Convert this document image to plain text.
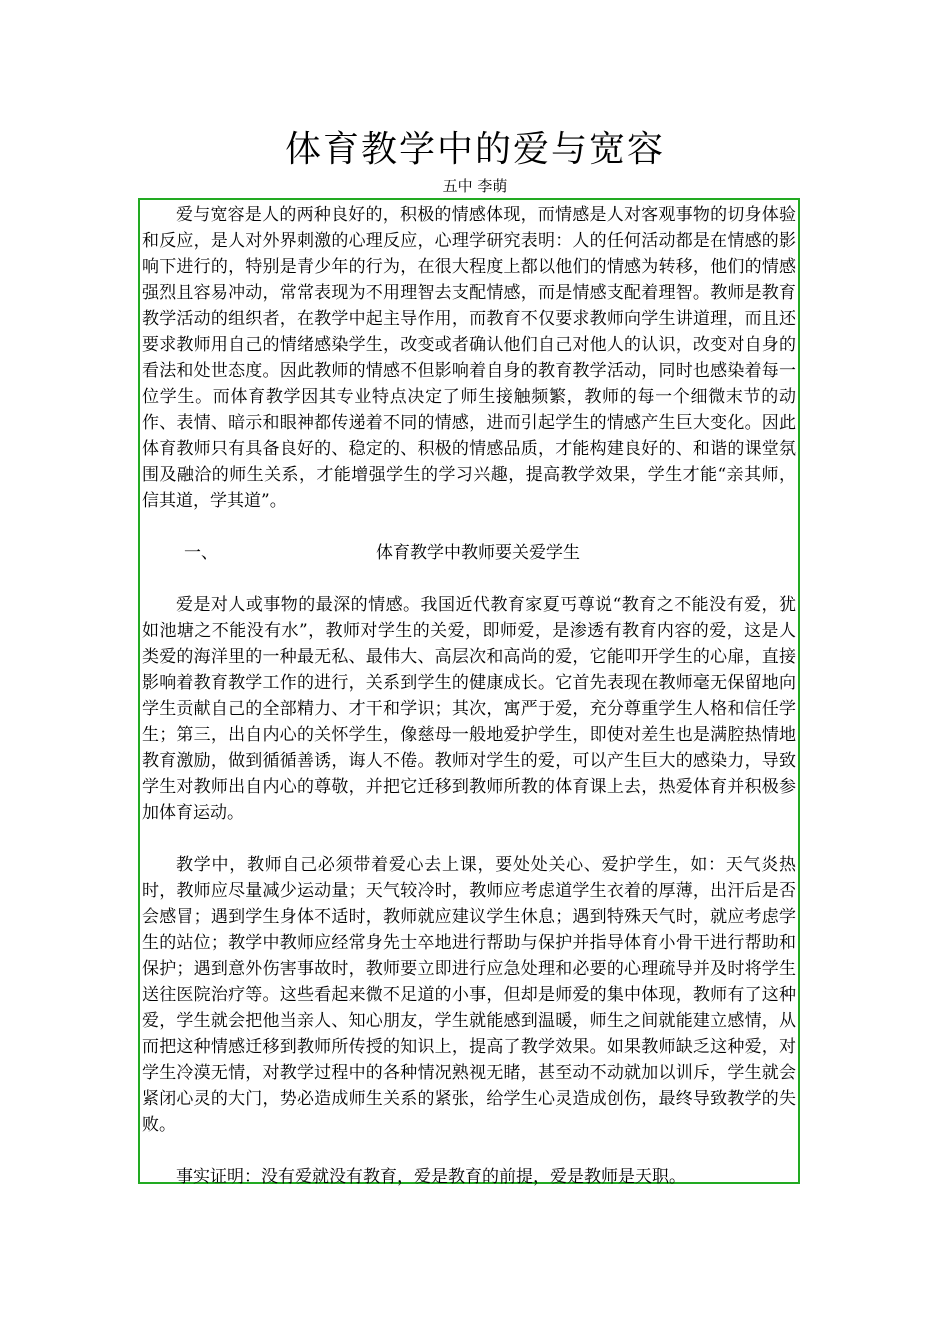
体育教学中的爱与宽容
五中 李萌

爱与宽容是人的两种良好的，积极的情感体现，而情感是人对客观事物的切身体验和反应，是人对外界刺激的心理反应，心理学研究表明：人的任何活动都是在情感的影响下进行的，特别是青少年的行为，在很大程度上都以他们的情感为转移，他们的情感强烈且容易冲动，常常表现为不用理智去支配情感，而是情感支配着理智。教师是教育教学活动的组织者，在教学中起主导作用，而教育不仅要求教师向学生讲道理，而且还要求教师用自己的情绪感染学生，改变或者确认他们自己对他人的认识，改变对自身的看法和处世态度。因此教师的情感不但影响着自身的教育教学活动，同时也感染着每一位学生。而体育教学因其专业特点决定了师生接触频繁，教师的每一个细微末节的动作、表情、暗示和眼神都传递着不同的情感，进而引起学生的情感产生巨大变化。因此体育教师只有具备良好的、稳定的、积极的情感品质，才能构建良好的、和谐的课堂氛围及融洽的师生关系，才能增强学生的学习兴趣，提高教学效果，学生才能“亲其师，信其道，学其道”。

一、	体育教学中教师要关爱学生

爱是对人或事物的最深的情感。我国近代教育家夏丐尊说“教育之不能没有爱，犹如池塘之不能没有水”，教师对学生的关爱，即师爱，是渗透有教育内容的爱，这是人类爱的海洋里的一种最无私、最伟大、高层次和高尚的爱，它能叩开学生的心扉，直接影响着教育教学工作的进行，关系到学生的健康成长。它首先表现在教师毫无保留地向学生贡献自己的全部精力、才干和学识；其次，寓严于爱，充分尊重学生人格和信任学生；第三，出自内心的关怀学生，像慈母一般地爱护学生，即使对差生也是满腔热情地教育激励，做到循循善诱，诲人不倦。教师对学生的爱，可以产生巨大的感染力，导致学生对教师出自内心的尊敬，并把它迁移到教师所教的体育课上去，热爱体育并积极参加体育运动。

教学中，教师自己必须带着爱心去上课，要处处关心、爱护学生，如：天气炎热时，教师应尽量减少运动量；天气较冷时，教师应考虑道学生衣着的厚薄，出汗后是否会感冒；遇到学生身体不适时，教师就应建议学生休息；遇到特殊天气时，就应考虑学生的站位；教学中教师应经常身先士卒地进行帮助与保护并指导体育小骨干进行帮助和保护；遇到意外伤害事故时，教师要立即进行应急处理和必要的心理疏导并及时将学生送往医院治疗等。这些看起来微不足道的小事，但却是师爱的集中体现，教师有了这种爱，学生就会把他当亲人、知心朋友，学生就能感到温暖，师生之间就能建立感情，从而把这种情感迁移到教师所传授的知识上，提高了教学效果。如果教师缺乏这种爱，对学生冷漠无情，对教学过程中的各种情况熟视无睹，甚至动不动就加以训斥，学生就会紧闭心灵的大门，势必造成师生关系的紧张，给学生心灵造成创伤，最终导致教学的失败。

事实证明：没有爱就没有教育，爱是教育的前提，爱是教师是天职。
